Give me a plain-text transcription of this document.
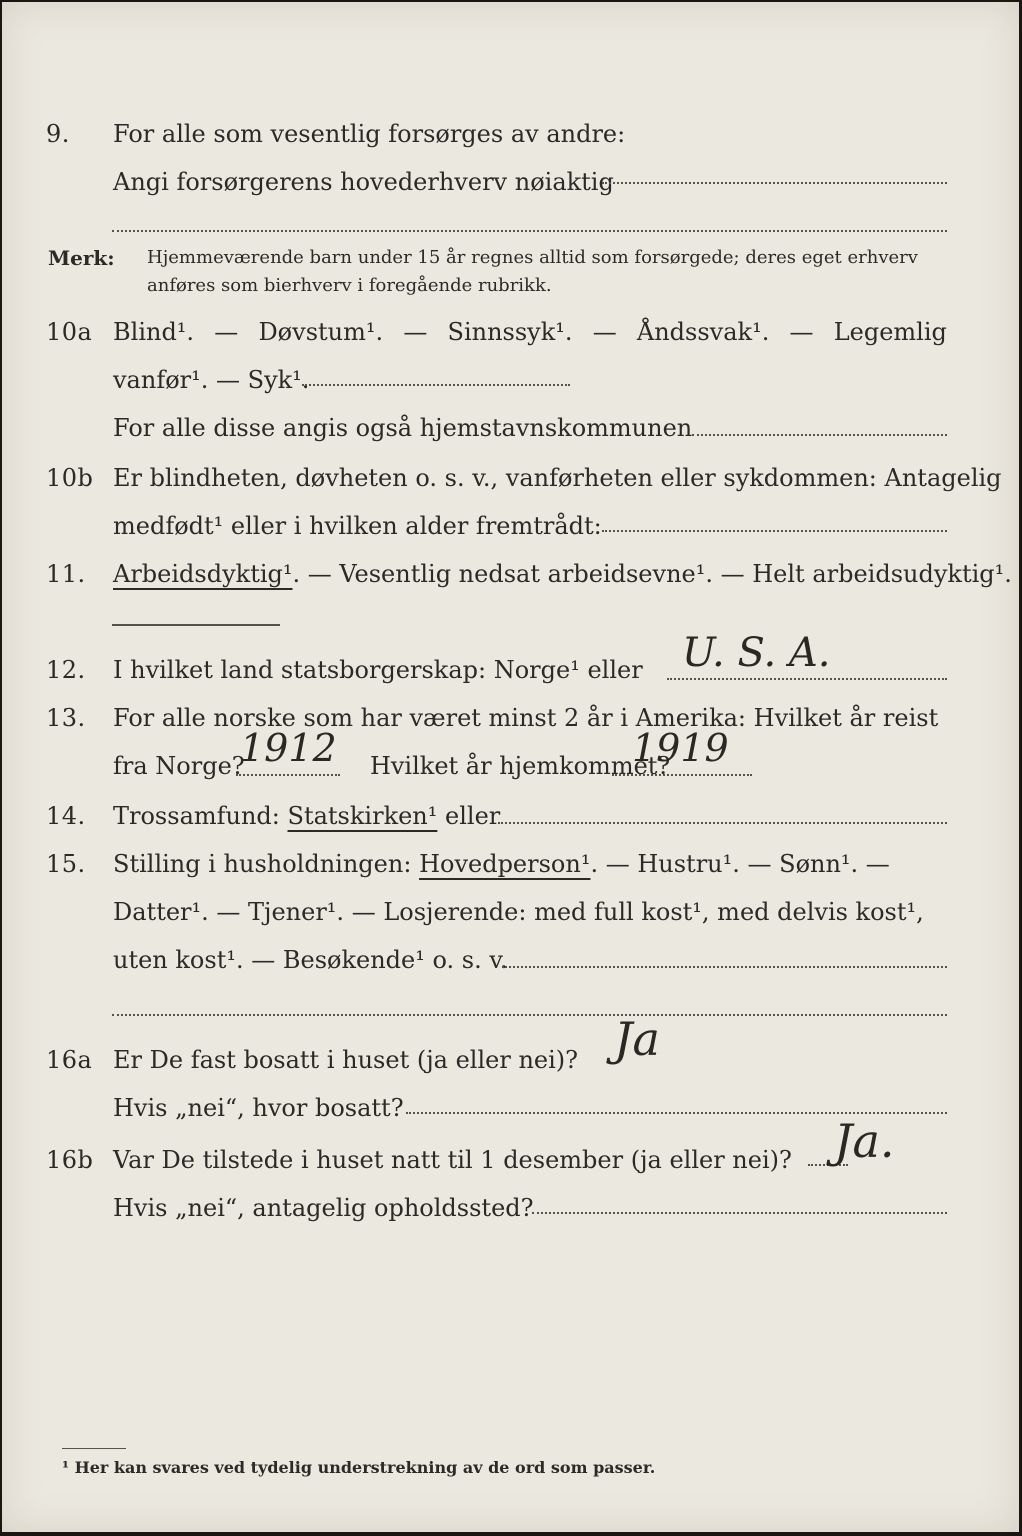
9. For alle som vesentlig forsørges av andre:
Angi forsørgerens hovederhverv nøiaktig
Merk: Hjemmeværende barn under 15 år regnes alltid som forsørgede; deres eget erhverv
anføres som bierhverv i foregående rubrikk.
10a Blind¹. — Døvstum¹. — Sinnssyk¹. — Åndssvak¹. — Legemlig
vanfør¹. — Syk¹.
For alle disse angis også hjemstavnskommunen
10b Er blindheten, døvheten o. s. v., vanførheten eller sykdommen: Antagelig
medfødt¹ eller i hvilken alder fremtrådt:
11. Arbeidsdyktig¹. — Vesentlig nedsat arbeidsevne¹. — Helt arbeidsudyktig¹.
12. I hvilket land statsborgerskap: Norge¹ eller U. S. A.
13. For alle norske som har været minst 2 år i Amerika: Hvilket år reist
fra Norge?	Hvilket år hjemkommet?
1912	1919
14. Trossamfund: Statskirken¹ eller
15. Stilling i husholdningen: Hovedperson¹. — Hustru¹. — Sønn¹. —
Datter¹. — Tjener¹. — Losjerende: med full kost¹, med delvis kost¹,
uten kost¹. — Besøkende¹ o. s. v.
16a Er De fast bosatt i huset (ja eller nei)? Ja
Hvis „nei“, hvor bosatt?
16b Var De tilstede i huset natt til 1 desember (ja eller nei)? Ja.
Hvis „nei“, antagelig opholdssted?
¹ Her kan svares ved tydelig understrekning av de ord som passer.
